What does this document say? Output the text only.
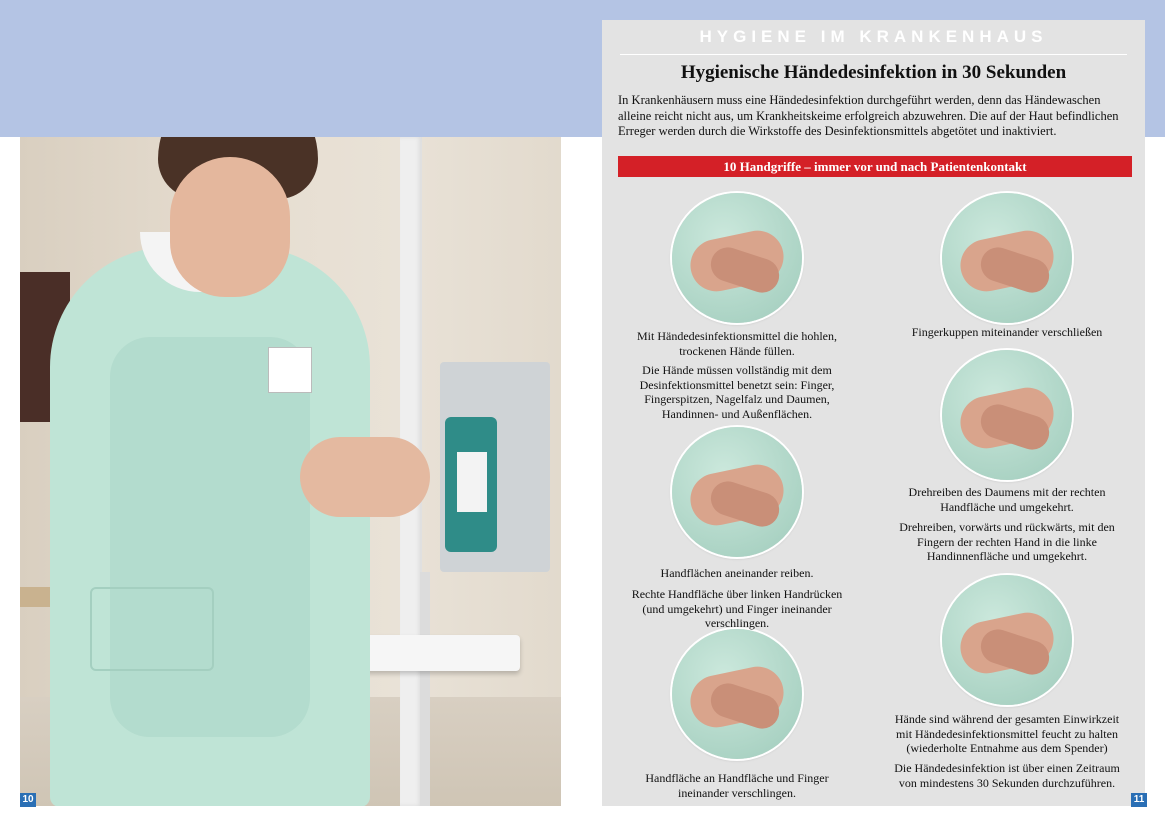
10
HYGIENE IM KRANKENHAUS
Hygienische Händedesinfektion in 30 Sekunden
In Krankenhäusern muss eine Händedesinfektion durchgeführt werden, denn das Händewaschen alleine reicht nicht aus, um Krankheitskeime erfolgreich abzuwehren. Die auf der Haut befindlichen Erreger werden durch die Wirkstoffe des Desinfektionsmittels abgetötet und inaktiviert.
10 Handgriffe – immer vor und nach Patientenkontakt
Mit Händedesinfektionsmittel die hohlen, trockenen Hände füllen.
Die Hände müssen vollständig mit dem Desinfektionsmittel benetzt sein: Finger, Fingerspitzen, Nagelfalz und Daumen, Handinnen- und Außenflächen.
Fingerkuppen miteinander verschließen
Drehreiben des Daumens mit der rechten Handfläche und umgekehrt.
Drehreiben, vorwärts und rückwärts, mit den Fingern der rechten Hand in die linke Handinnenfläche und umgekehrt.
Handflächen aneinander reiben.
Rechte Handfläche über linken Handrücken (und umgekehrt) und Finger ineinander verschlingen.
Hände sind während der gesamten Einwirkzeit mit Händedesinfektionsmittel feucht zu halten (wiederholte Entnahme aus dem Spender)
Die Händedesinfektion ist über einen Zeitraum von mindestens 30 Sekunden durchzuführen.
Handfläche an Handfläche und Finger ineinander verschlingen.	11
